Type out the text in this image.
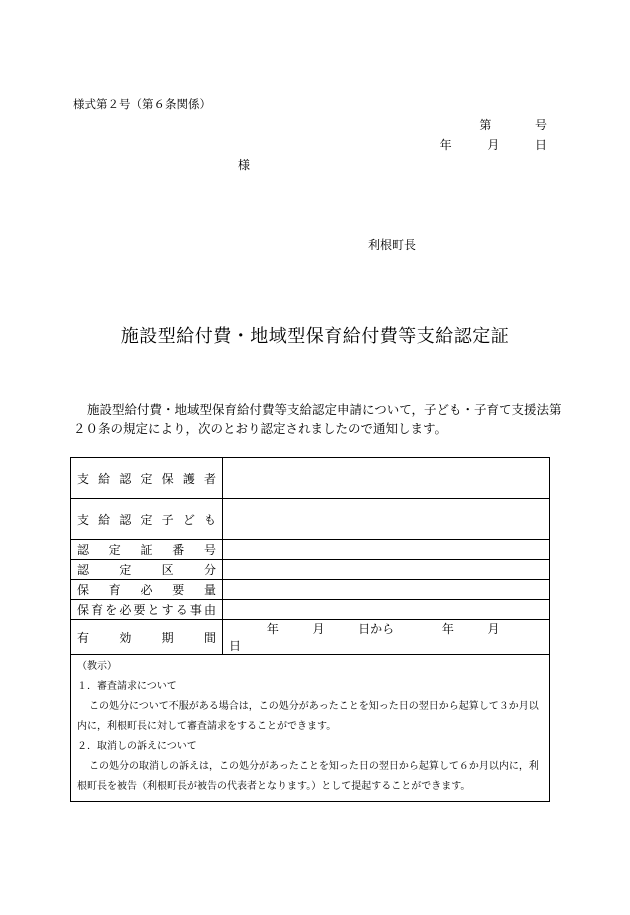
様式第２号（第６条関係）
第	号
年	月	日
様
利根町長
施設型給付費・地域型保育給付費等支給認定証
施設型給付費・地域型保育給付費等支給認定申請について，子ども・子育て支援法第２０条の規定により，次のとおり認定されましたので通知します。
支給認定保護者	
支給認定子ども	
認定証番号	
認定区分	
保育必要量	
保育を必要とする事由	
有効期間	年 月 日から 年 月  日

（教示）
１．審査請求について
この処分について不服がある場合は，この処分があったことを知った日の翌日から起算して３か月以内に，利根町長に対して審査請求をすることができます。
２．取消しの訴えについて
この処分の取消しの訴えは，この処分があったことを知った日の翌日から起算して６か月以内に，利根町長を被告（利根町長が被告の代表者となります。）として提起することができます。	
